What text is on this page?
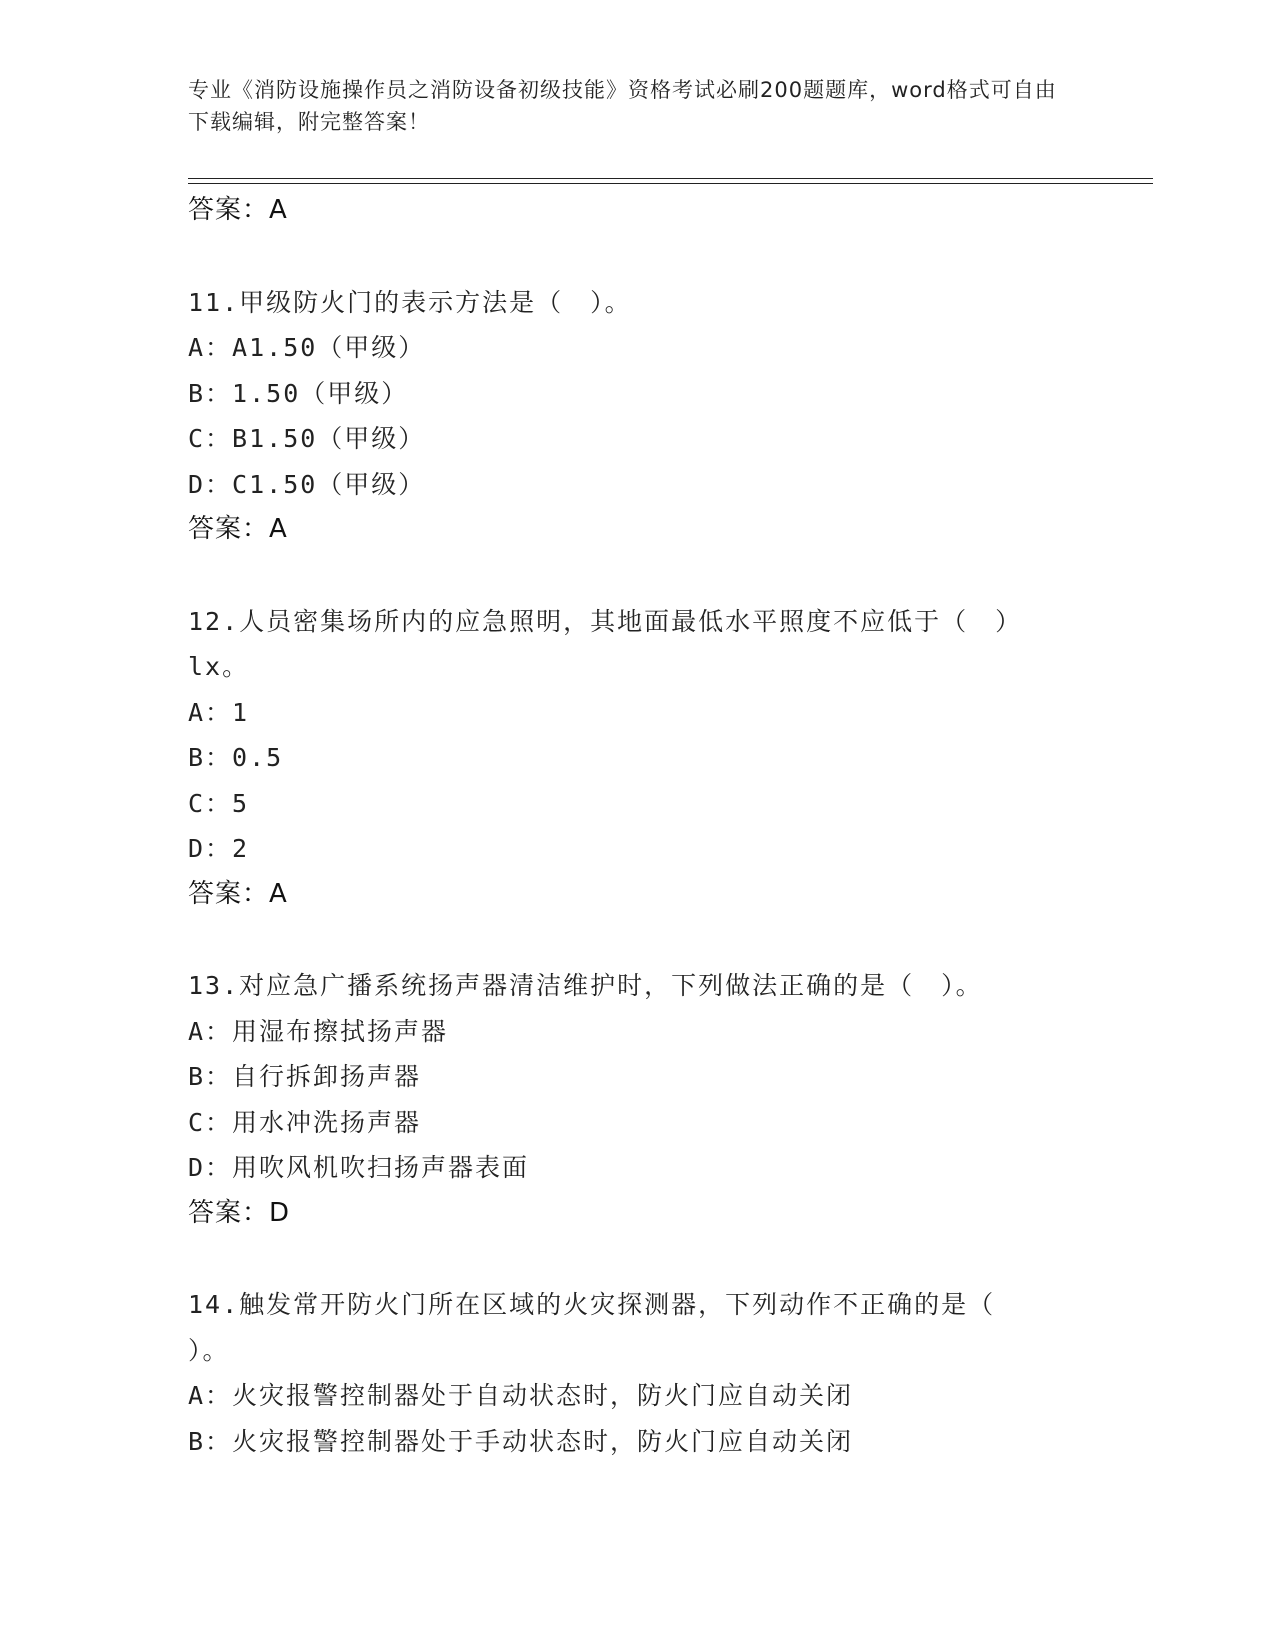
专业《消防设施操作员之消防设备初级技能》资格考试必刷200题题库，word格式可自由下载编辑，附完整答案！
答案：A
11.甲级防火门的表示方法是（　）。
A：A1.50（甲级）
B：1.50（甲级）
C：B1.50（甲级）
D：C1.50（甲级）
答案：A
12.人员密集场所内的应急照明，其地面最低水平照度不应低于（　）
lx。
A：1
B：0.5
C：5
D：2
答案：A
13.对应急广播系统扬声器清洁维护时，下列做法正确的是（　）。
A：用湿布擦拭扬声器
B：自行拆卸扬声器
C：用水冲洗扬声器
D：用吹风机吹扫扬声器表面
答案：D
14.触发常开防火门所在区域的火灾探测器，下列动作不正确的是（
）。
A：火灾报警控制器处于自动状态时，防火门应自动关闭
B：火灾报警控制器处于手动状态时，防火门应自动关闭
